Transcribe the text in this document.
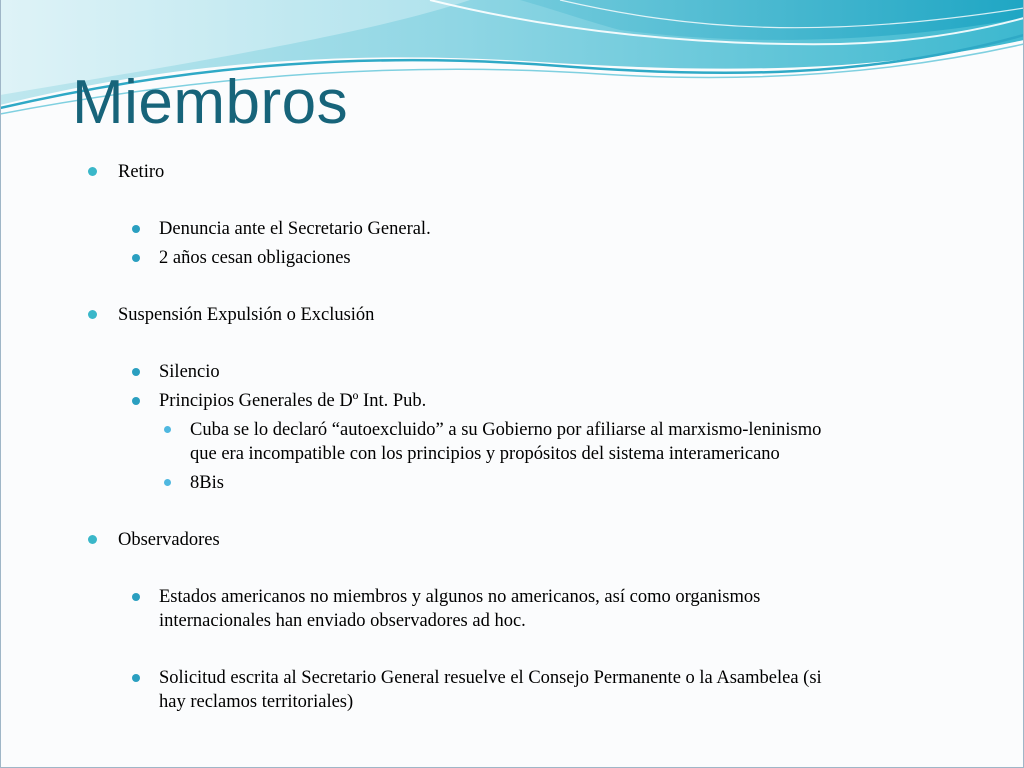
Miembros
Retiro
Denuncia ante el Secretario General.
2 años cesan obligaciones
Suspensión Expulsión o Exclusión
Silencio
Principios Generales de Dº Int. Pub.
Cuba se lo declaró “autoexcluido” a su Gobierno por afiliarse al marxismo-leninismo
que era incompatible con los principios y propósitos del sistema interamericano
8Bis
Observadores
Estados americanos no miembros y algunos no americanos, así como organismos
internacionales han enviado observadores ad hoc.
Solicitud escrita al Secretario General resuelve el Consejo Permanente o la Asambelea (si
hay reclamos territoriales)
